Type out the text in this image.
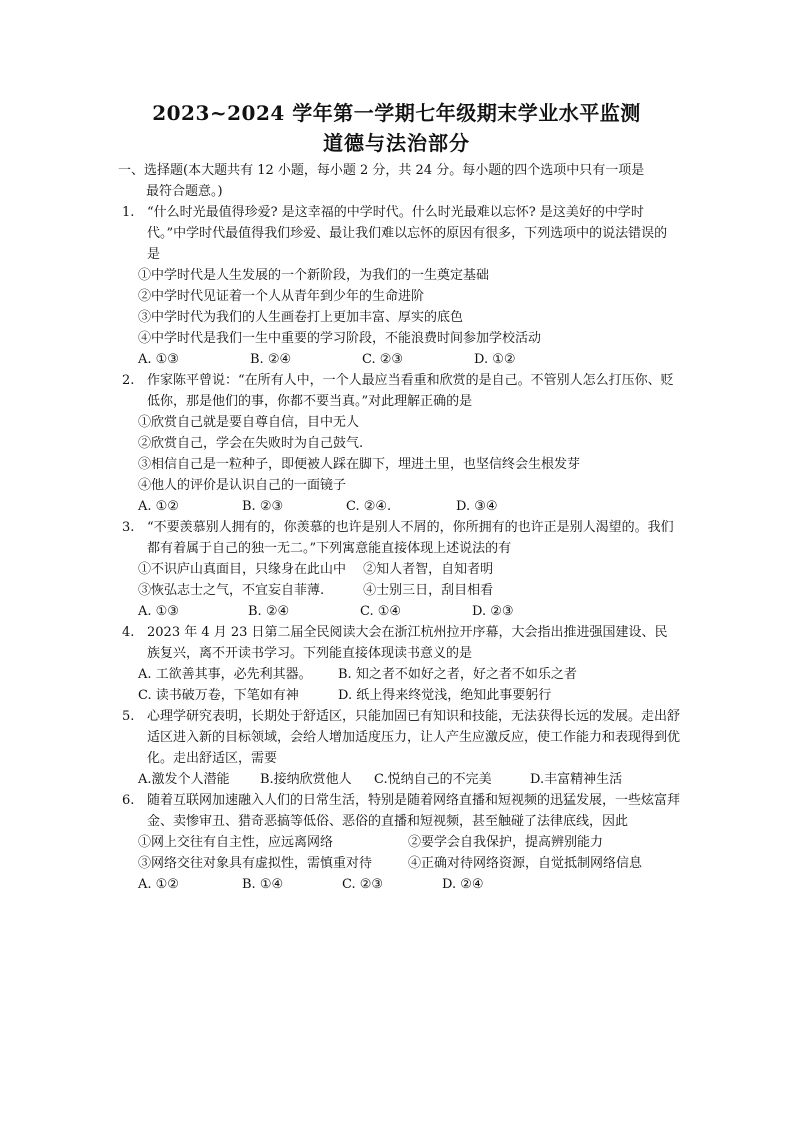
2023~2024 学年第一学期七年级期末学业水平监测
道德与法治部分
一、选择题(本大题共有 12 小题，每小题 2 分，共 24 分。每小题的四个选项中只有一项是
最符合题意。)
1. “什么时光最值得珍爱? 是这幸福的中学时代。什么时光最难以忘怀? 是这美好的中学时代。”中学时代最值得我们珍爱、最让我们难以忘怀的原因有很多，下列选项中的说法错误的是
①中学时代是人生发展的一个新阶段，为我们的一生奠定基础
②中学时代见证着一个人从青年到少年的生命进阶
③中学时代为我们的人生画卷打上更加丰富、厚实的底色
④中学时代是我们一生中重要的学习阶段，不能浪费时间参加学校活动
A. ①③	B. ②④	C. ②③	D. ①②
2. 作家陈平曾说：“在所有人中，一个人最应当看重和欣赏的是自己。不管别人怎么打压你、贬低你，那是他们的事，你都不要当真。”对此理解正确的是
①欣赏自己就是要自尊自信，目中无人
②欣赏自己，学会在失败时为自己鼓气.
③相信自己是一粒种子，即便被人踩在脚下，埋进土里，也坚信终会生根发芽
④他人的评价是认识自己的一面镜子
A. ①②	B. ②③	C. ②④.	D. ③④
3. “不要羡慕别人拥有的，你羡慕的也许是别人不屑的，你所拥有的也许正是别人渴望的。我们都有着属于自己的独一无二。”下列寓意能直接体现上述说法的有
①不识庐山真面目，只缘身在此山中 　②知人者智，自知者明
③恢弘志士之气，不宜妄自菲薄.　　　④士别三日，刮目相看
A. ①③	B. ②④	C. ①④	D. ②③
4. 2023 年 4 月 23 日第二届全民阅读大会在浙江杭州拉开序幕，大会指出推进强国建设、民族复兴，离不开读书学习。下列能直接体现读书意义的是
A. 工欲善其事，必先利其器。	B. 知之者不如好之者，好之者不如乐之者
C. 读书破万卷，下笔如有神	D. 纸上得来终觉浅，绝知此事要躬行
5. 心理学研究表明，长期处于舒适区，只能加固已有知识和技能，无法获得长远的发展。走出舒适区进入新的目标领域，会给人增加适度压力，让人产生应激反应，使工作能力和表现得到优化。走出舒适区，需要
A.激发个人潜能	B.接纳欣赏他人	C.悦纳自己的不完美	D.丰富精神生活
6. 随着互联网加速融入人们的日常生活，特别是随着网络直播和短视频的迅猛发展，一些炫富拜金、卖惨审丑、猎奇恶搞等低俗、恶俗的直播和短视频，甚至触碰了法律底线，因此
①网上交往有自主性，应远离网络	②要学会自我保护，提高辨别能力
③网络交往对象具有虚拟性，需慎重对待	④正确对待网络资源，自觉抵制网络信息
A. ①②	B. ①④	C. ②③	D. ②④
